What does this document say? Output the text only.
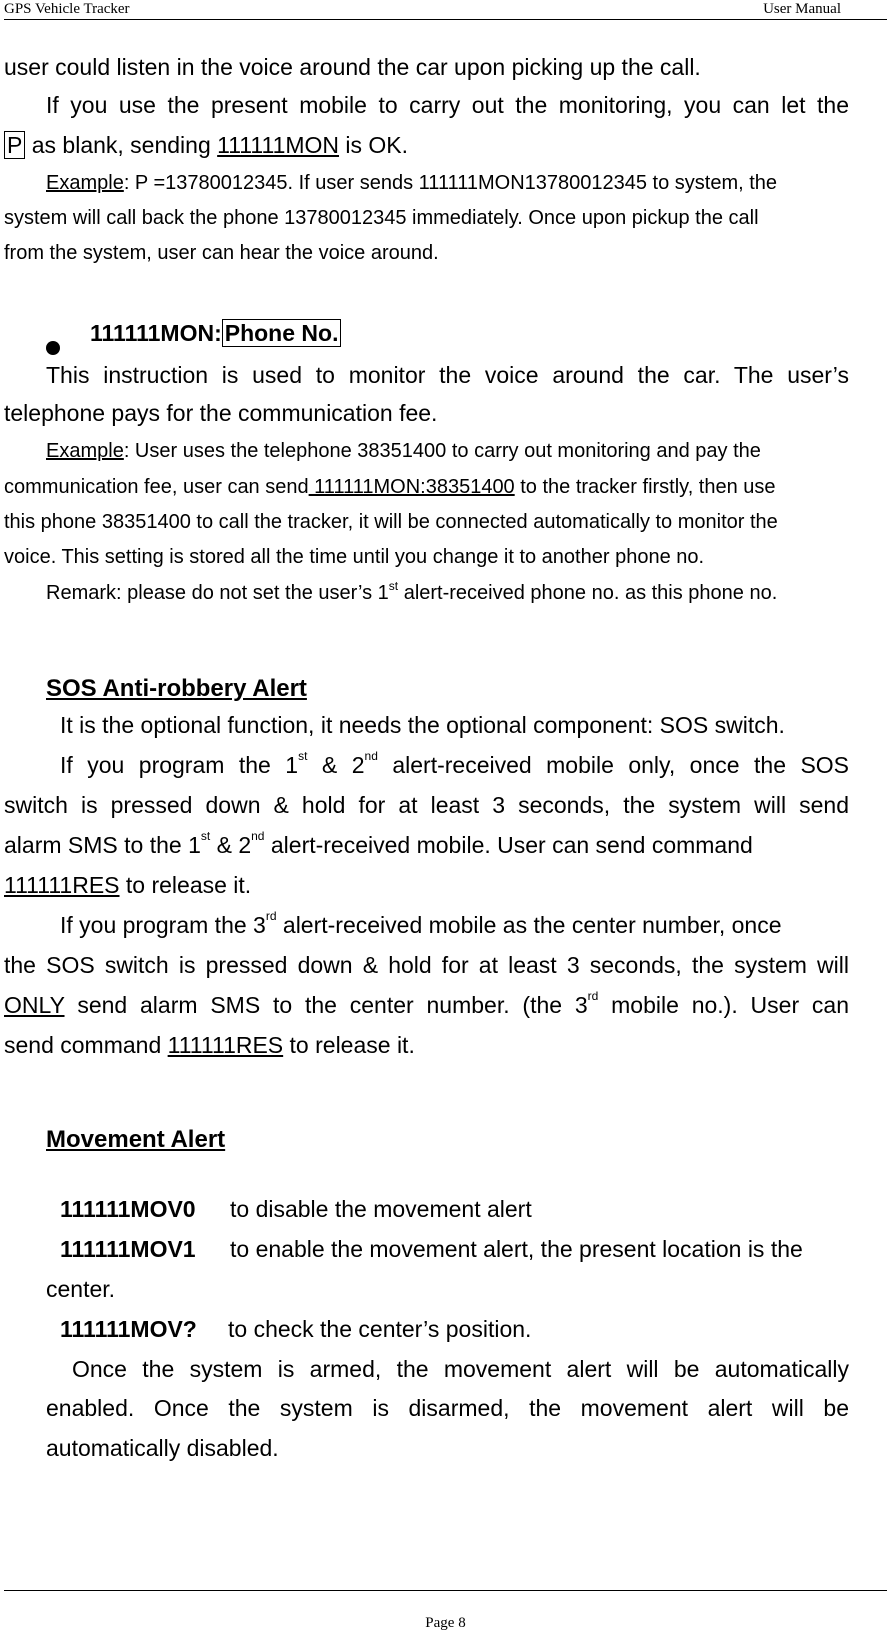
GPS Vehicle Tracker	User Manual
user could listen in the voice around the car upon picking up the call.
If you use the present mobile to carry out the monitoring, you can let the
P as blank, sending 111111MON is OK.
Example: P =13780012345. If user sends 111111MON13780012345 to system, the
system will call back the phone 13780012345 immediately. Once upon pickup the call
from the system, user can hear the voice around.
111111MON: Phone No.
This instruction is used to monitor the voice around the car. The user’s
telephone pays for the communication fee.
Example: User uses the telephone 38351400 to carry out monitoring and pay the
communication fee, user can send 111111MON:38351400 to the tracker firstly, then use
this phone 38351400 to call the tracker, it will be connected automatically to monitor the
voice. This setting is stored all the time until you change it to another phone no.
Remark: please do not set the user’s 1st alert-received phone no. as this phone no.
SOS Anti-robbery Alert
It is the optional function, it needs the optional component: SOS switch.
If you program the 1st & 2nd alert-received mobile only, once the SOS
switch is pressed down & hold for at least 3 seconds, the system will send
alarm SMS to the 1st & 2nd alert-received mobile. User can send command
111111RES to release it.
If you program the 3rd alert-received mobile as the center number, once
the SOS switch is pressed down & hold for at least 3 seconds, the system will
ONLY send alarm SMS to the center number. (the 3rd mobile no.). User can
send command 111111RES to release it.
Movement Alert
111111MOV0 to disable the movement alert
111111MOV1 to enable the movement alert, the present location is the
center.
111111MOV? to check the center’s position.
Once the system is armed, the movement alert will be automatically
enabled. Once the system is disarmed, the movement alert will be
automatically disabled.
Page 8
